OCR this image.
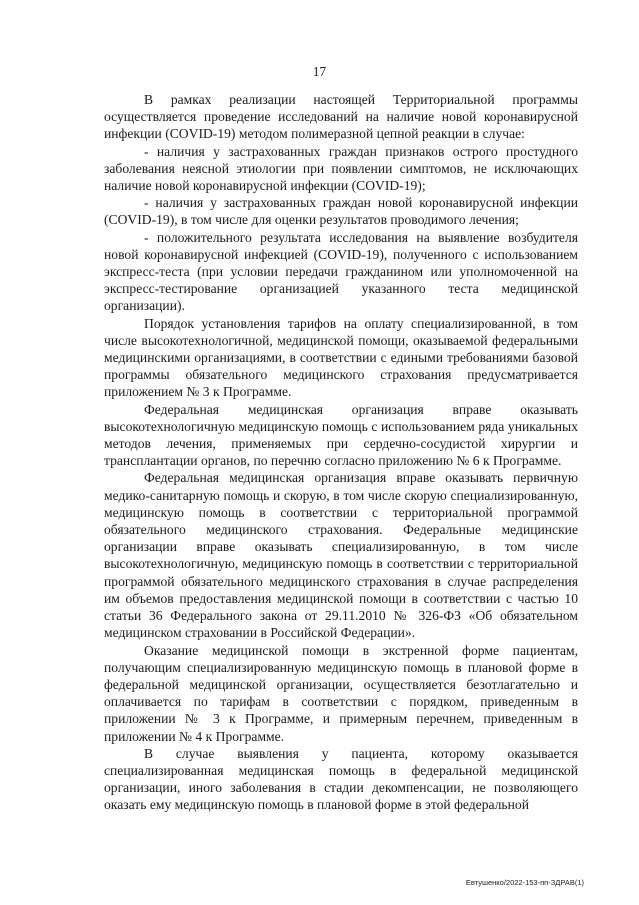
17

В рамках реализации настоящей Территориальной программы осуществляется проведение исследований на наличие новой коронавирусной инфекции (COVID-19) методом полимеразной цепной реакции в случае:

- наличия у застрахованных граждан признаков острого простудного заболевания неясной этиологии при появлении симптомов, не исключающих наличие новой коронавирусной инфекции (COVID-19);

- наличия у застрахованных граждан новой коронавирусной инфекции (COVID-19), в том числе для оценки результатов проводимого лечения;

- положительного результата исследования на выявление возбудителя новой коронавирусной инфекцией (COVID-19), полученного с использованием экспресс-теста (при условии передачи гражданином или уполномоченной на экспресс-тестирование организацией указанного теста медицинской организации).

Порядок установления тарифов на оплату специализированной, в том числе высокотехнологичной, медицинской помощи, оказываемой федеральными медицинскими организациями, в соответствии с едиными требованиями базовой программы обязательного медицинского страхования предусматривается приложением № 3 к Программе.

Федеральная медицинская организация вправе оказывать высокотехнологичную медицинскую помощь с использованием ряда уникальных методов лечения, применяемых при сердечно-сосудистой хирургии и трансплантации органов, по перечню согласно приложению № 6 к Программе.

Федеральная медицинская организация вправе оказывать первичную медико-санитарную помощь и скорую, в том числе скорую специализированную, медицинскую помощь в соответствии с территориальной программой обязательного медицинского страхования. Федеральные медицинские организации вправе оказывать специализированную, в том числе высокотехнологичную, медицинскую помощь в соответствии с территориальной программой обязательного медицинского страхования в случае распределения им объемов предоставления медицинской помощи в соответствии с частью 10 статьи 36 Федерального закона от 29.11.2010 № 326-ФЗ «Об обязательном медицинском страховании в Российской Федерации».

Оказание медицинской помощи в экстренной форме пациентам, получающим специализированную медицинскую помощь в плановой форме в федеральной медицинской организации, осуществляется безотлагательно и оплачивается по тарифам в соответствии с порядком, приведенным в приложении № 3 к Программе, и примерным перечнем, приведенным в приложении № 4 к Программе.

В случае выявления у пациента, которому оказывается специализированная медицинская помощь в федеральной медицинской организации, иного заболевания в стадии декомпенсации, не позволяющего оказать ему медицинскую помощь в плановой форме в этой федеральной

Евтушенко/2022-153-пп-ЗДРАВ(1)
